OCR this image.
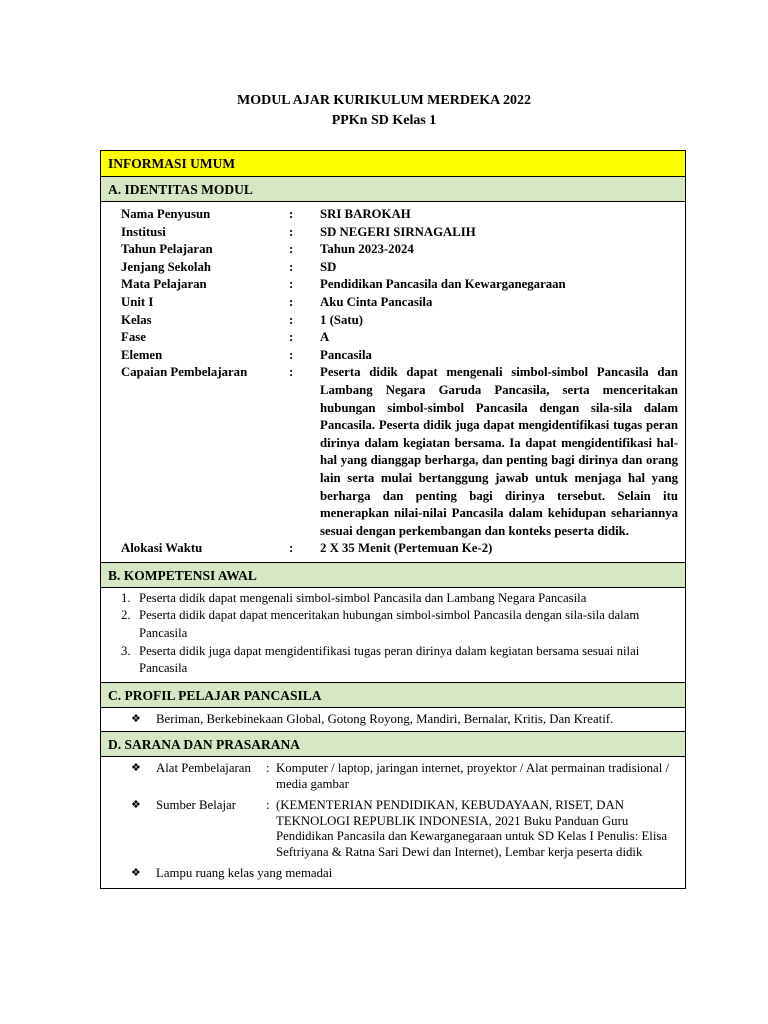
MODUL AJAR KURIKULUM MERDEKA 2022
PPKn SD Kelas 1
INFORMASI UMUM
A. IDENTITAS MODUL
Nama Penyusun	:	SRI BAROKAH
Institusi	:	SD NEGERI SIRNAGALIH
Tahun Pelajaran	:	Tahun 2023-2024
Jenjang Sekolah	:	SD
Mata Pelajaran	:	Pendidikan Pancasila dan Kewarganegaraan
Unit I	:	Aku Cinta Pancasila
Kelas	:	1 (Satu)
Fase	:	A
Elemen	:	Pancasila
Capaian Pembelajaran	:	Peserta didik dapat mengenali simbol-simbol Pancasila dan Lambang Negara Garuda Pancasila, serta menceritakan hubungan simbol-simbol Pancasila dengan sila-sila dalam Pancasila. Peserta didik juga dapat mengidentifikasi tugas peran dirinya dalam kegiatan bersama. Ia dapat mengidentifikasi hal-hal yang dianggap berharga, dan penting bagi dirinya dan orang lain serta mulai bertanggung jawab untuk menjaga hal yang berharga dan penting bagi dirinya tersebut. Selain itu menerapkan nilai-nilai Pancasila dalam kehidupan sehariannya sesuai dengan perkembangan dan konteks peserta didik.
Alokasi Waktu	:	2 X 35 Menit (Pertemuan Ke-2)
B. KOMPETENSI AWAL
1. Peserta didik dapat mengenali simbol-simbol Pancasila dan Lambang Negara Pancasila
2. Peserta didik dapat dapat menceritakan hubungan simbol-simbol Pancasila dengan sila-sila dalam Pancasila
3. Peserta didik juga dapat mengidentifikasi tugas peran dirinya dalam kegiatan bersama sesuai nilai Pancasila
C. PROFIL PELAJAR PANCASILA
❖	Beriman, Berkebinekaan Global, Gotong Royong, Mandiri, Bernalar, Kritis, Dan Kreatif.
D. SARANA DAN PRASARANA
❖	Alat Pembelajaran	: Komputer / laptop, jaringan internet, proyektor / Alat permainan tradisional / media gambar
❖	Sumber Belajar	: (KEMENTERIAN PENDIDIKAN, KEBUDAYAAN, RISET, DAN TEKNOLOGI REPUBLIK INDONESIA, 2021 Buku Panduan Guru Pendidikan Pancasila dan Kewarganegaraan untuk SD Kelas I Penulis: Elisa Seftriyana & Ratna Sari Dewi dan Internet), Lembar kerja peserta didik
❖	Lampu ruang kelas yang memadai
